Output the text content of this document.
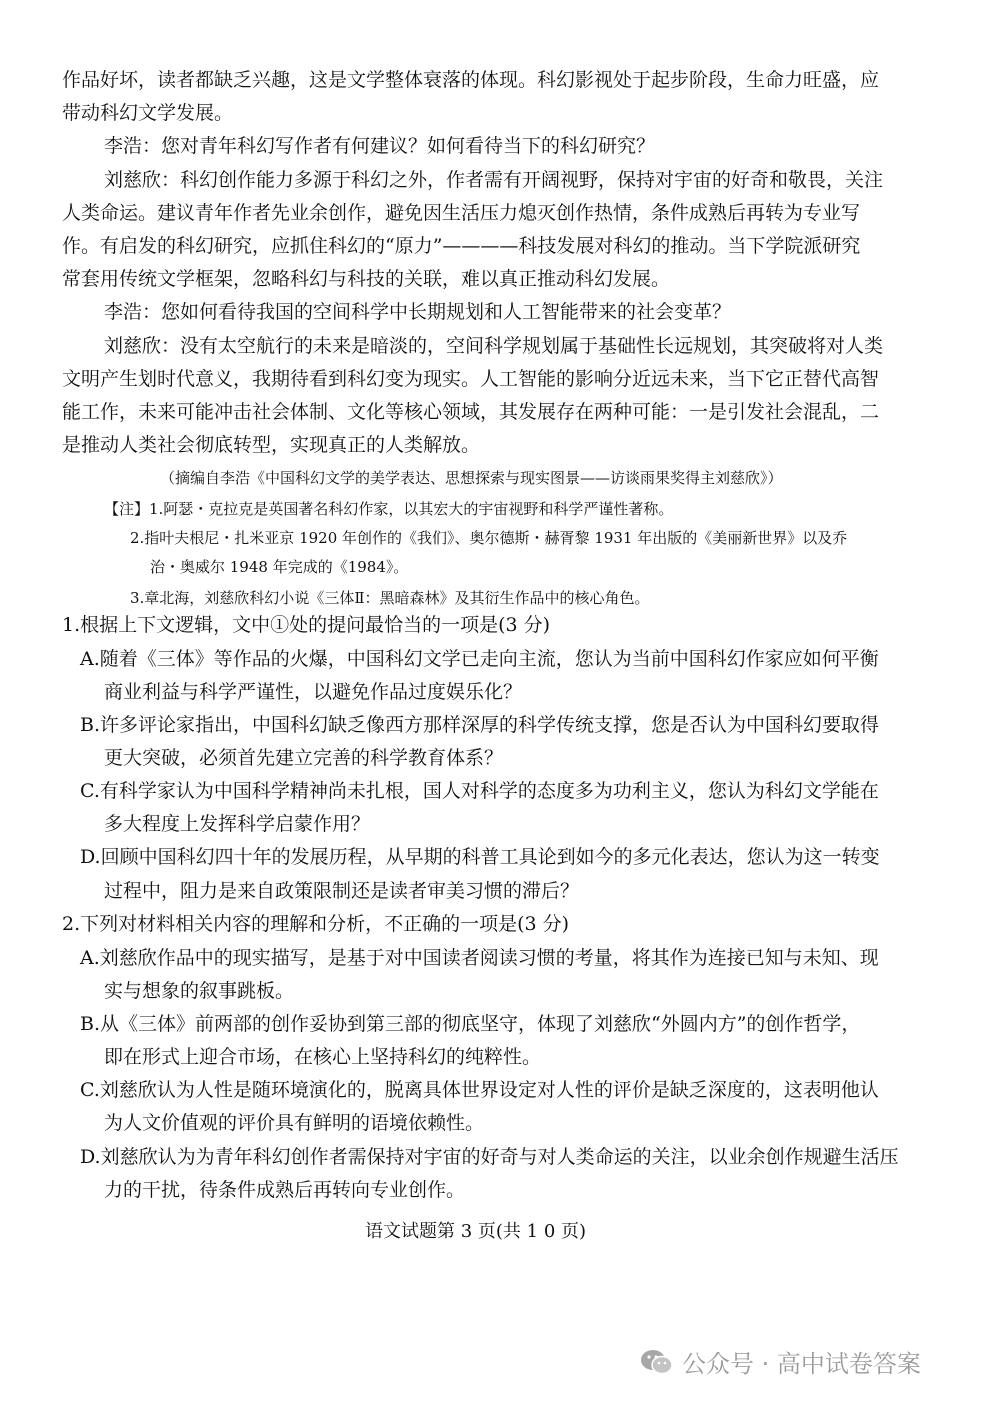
作品好坏，读者都缺乏兴趣，这是文学整体衰落的体现。科幻影视处于起步阶段，生命力旺盛，应
带动科幻文学发展。
李浩：您对青年科幻写作者有何建议？如何看待当下的科幻研究？
刘慈欣：科幻创作能力多源于科幻之外，作者需有开阔视野，保持对宇宙的好奇和敬畏，关注
人类命运。建议青年作者先业余创作，避免因生活压力熄灭创作热情，条件成熟后再转为专业写
作。有启发的科幻研究，应抓住科幻的“原力”————科技发展对科幻的推动。当下学院派研究
常套用传统文学框架，忽略科幻与科技的关联，难以真正推动科幻发展。
李浩：您如何看待我国的空间科学中长期规划和人工智能带来的社会变革？
刘慈欣：没有太空航行的未来是暗淡的，空间科学规划属于基础性长远规划，其突破将对人类
文明产生划时代意义，我期待看到科幻变为现实。人工智能的影响分近远未来，当下它正替代高智
能工作，未来可能冲击社会体制、文化等核心领域，其发展存在两种可能：一是引发社会混乱，二
是推动人类社会彻底转型，实现真正的人类解放。
（摘编自李浩《中国科幻文学的美学表达、思想探索与现实图景——访谈雨果奖得主刘慈欣》）
【注】1.阿瑟・克拉克是英国著名科幻作家，以其宏大的宇宙视野和科学严谨性著称。
2.指叶夫根尼・扎米亚京 1920 年创作的《我们》、奥尔德斯・赫胥黎 1931 年出版的《美丽新世界》以及乔
治・奥威尔 1948 年完成的《1984》。
3.章北海，刘慈欣科幻小说《三体Ⅱ：黑暗森林》及其衍生作品中的核心角色。
1.根据上下文逻辑，文中①处的提问最恰当的一项是(3 分)
A.随着《三体》等作品的火爆，中国科幻文学已走向主流，您认为当前中国科幻作家应如何平衡
商业利益与科学严谨性，以避免作品过度娱乐化？
B.许多评论家指出，中国科幻缺乏像西方那样深厚的科学传统支撑，您是否认为中国科幻要取得
更大突破，必须首先建立完善的科学教育体系？
C.有科学家认为中国科学精神尚未扎根，国人对科学的态度多为功利主义，您认为科幻文学能在
多大程度上发挥科学启蒙作用？
D.回顾中国科幻四十年的发展历程，从早期的科普工具论到如今的多元化表达，您认为这一转变
过程中，阻力是来自政策限制还是读者审美习惯的滞后？
2.下列对材料相关内容的理解和分析，不正确的一项是(3 分)
A.刘慈欣作品中的现实描写，是基于对中国读者阅读习惯的考量，将其作为连接已知与未知、现
实与想象的叙事跳板。
B.从《三体》前两部的创作妥协到第三部的彻底坚守，体现了刘慈欣“外圆内方”的创作哲学，
即在形式上迎合市场，在核心上坚持科幻的纯粹性。
C.刘慈欣认为人性是随环境演化的，脱离具体世界设定对人性的评价是缺乏深度的，这表明他认
为人文价值观的评价具有鲜明的语境依赖性。
D.刘慈欣认为为青年科幻创作者需保持对宇宙的好奇与对人类命运的关注，以业余创作规避生活压
力的干扰，待条件成熟后再转向专业创作。
语文试题第 3 页(共 1 0 页)
公众号 · 高中试卷答案
